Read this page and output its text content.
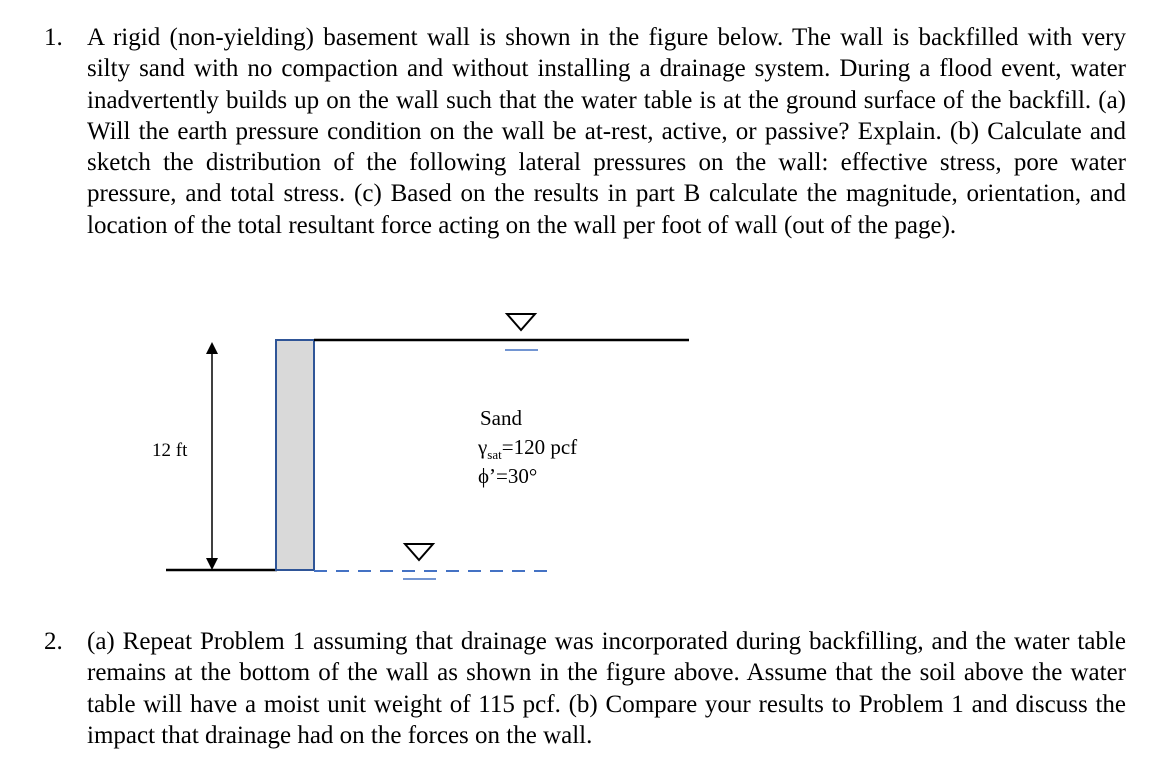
1. A rigid (non-yielding) basement wall is shown in the figure below. The wall is backfilled with very silty sand with no compaction and without installing a drainage system. During a flood event, water inadvertently builds up on the wall such that the water table is at the ground surface of the backfill. (a) Will the earth pressure condition on the wall be at-rest, active, or passive? Explain. (b) Calculate and sketch the distribution of the following lateral pressures on the wall: effective stress, pore water pressure, and total stress. (c) Based on the results in part B calculate the magnitude, orientation, and location of the total resultant force acting on the wall per foot of wall (out of the page).
12 ft
Sand
$\gamma_{sat}=120$ pcf
ϕ’=30°
2. (a) Repeat Problem 1 assuming that drainage was incorporated during backfilling, and the water table remains at the bottom of the wall as shown in the figure above. Assume that the soil above the water table will have a moist unit weight of 115 pcf. (b) Compare your results to Problem 1 and discuss the impact that drainage had on the forces on the wall.
